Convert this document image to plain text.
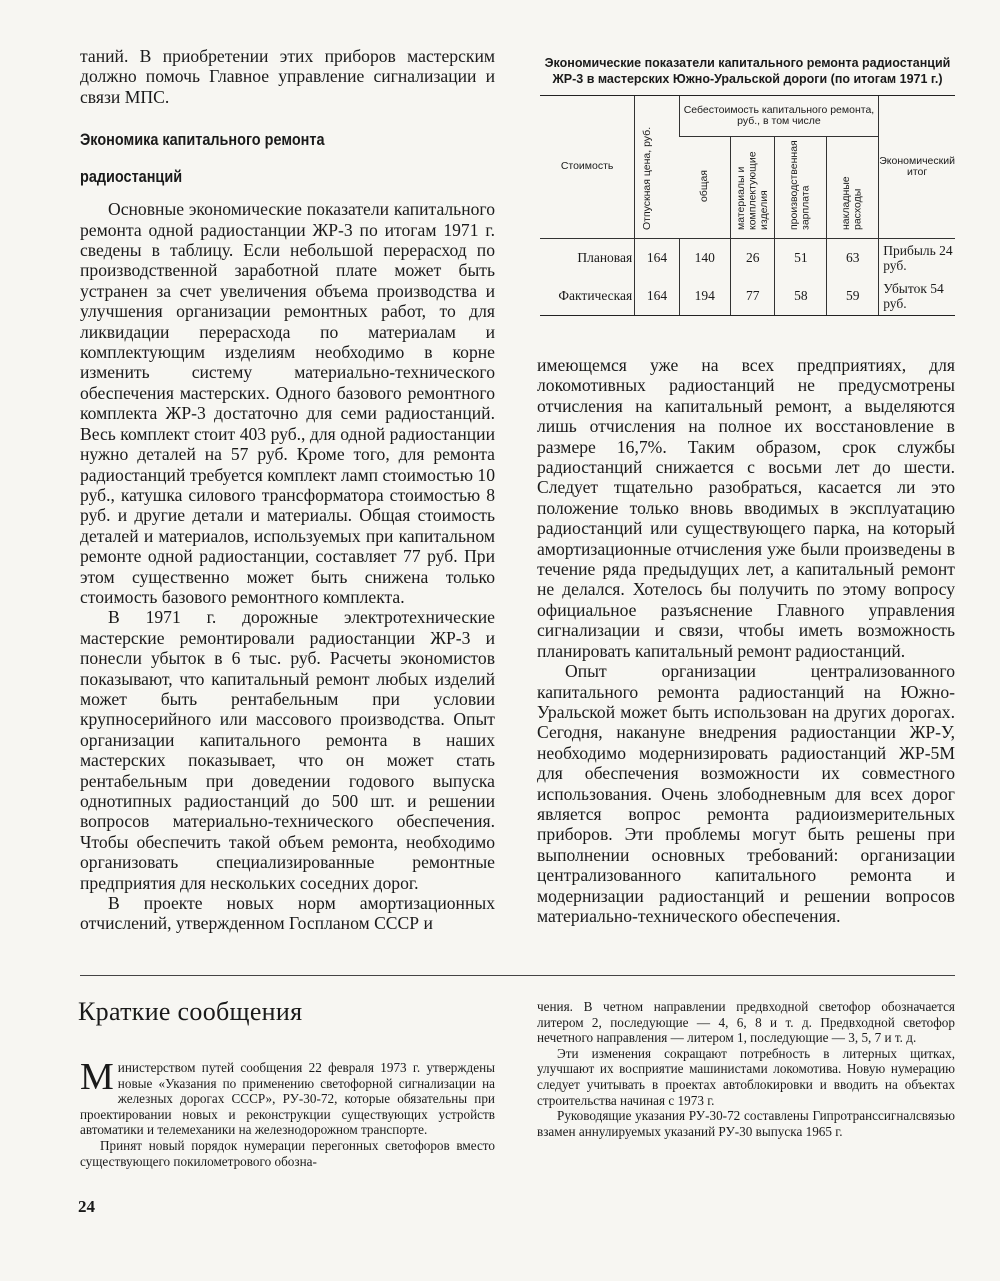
таний. В приобретении этих приборов мастерским должно помочь Главное управление сигнализации и связи МПС.

Экономика капитального ремонта
радиостанций

Основные экономические показатели капитального ремонта одной радиостанции ЖР-3 по итогам 1971 г. сведены в таблицу. Если небольшой перерасход по производственной заработной плате может быть устранен за счет увеличения объема производства и улучшения организации ремонтных работ, то для ликвидации перерасхода по материалам и комплектующим изделиям необходимо в корне изменить систему материально-технического обеспечения мастерских. Одного базового ремонтного комплекта ЖР-3 достаточно для семи радиостанций. Весь комплект стоит 403 руб., для одной радиостанции нужно деталей на 57 руб. Кроме того, для ремонта радиостанций требуется комплект ламп стоимостью 10 руб., катушка силового трансформатора стоимостью 8 руб. и другие детали и материалы. Общая стоимость деталей и материалов, используемых при капитальном ремонте одной радиостанции, составляет 77 руб. При этом существенно может быть снижена только стоимость базового ремонтного комплекта.

В 1971 г. дорожные электротехнические мастерские ремонтировали радиостанции ЖР-3 и понесли убыток в 6 тыс. руб. Расчеты экономистов показывают, что капитальный ремонт любых изделий может быть рентабельным при условии крупносерийного или массового производства. Опыт организации капитального ремонта в наших мастерских показывает, что он может стать рентабельным при доведении годового выпуска однотипных радиостанций до 500 шт. и решении вопросов материально-технического обеспечения. Чтобы обеспечить такой объем ремонта, необходимо организовать специализированные ремонтные предприятия для нескольких соседних дорог.

В проекте новых норм амортизационных отчислений, утвержденном Госпланом СССР и

Экономические показатели капитального ремонта радиостанций ЖР-3 в мастерских Южно-Уральской дороги (по итогам 1971 г.)
Стоимость	Отпускная цена, руб.	Себестоимость капитального ремонта, руб., в том числе				Экономический итог
		общая	материалы и комплектующие изделия	производственная зарплата	накладные расходы	
Плановая	164	140	26	51	63	Прибыль 24 руб.
Фактическая	164	194	77	58	59	Убыток 54 руб.

имеющемся уже на всех предприятиях, для локомотивных радиостанций не предусмотрены отчисления на капитальный ремонт, а выделяются лишь отчисления на полное их восстановление в размере 16,7%. Таким образом, срок службы радиостанций снижается с восьми лет до шести. Следует тщательно разобраться, касается ли это положение только вновь вводимых в эксплуатацию радиостанций или существующего парка, на который амортизационные отчисления уже были произведены в течение ряда предыдущих лет, а капитальный ремонт не делался. Хотелось бы получить по этому вопросу официальное разъяснение Главного управления сигнализации и связи, чтобы иметь возможность планировать капитальный ремонт радиостанций.

Опыт организации централизованного капитального ремонта радиостанций на Южно-Уральской может быть использован на других дорогах. Сегодня, накануне внедрения радиостанции ЖР-У, необходимо модернизировать радиостанций ЖР-5М для обеспечения возможности их совместного использования. Очень злободневным для всех дорог является вопрос ремонта радиоизмерительных приборов. Эти проблемы могут быть решены при выполнении основных требований: организации централизованного капитального ремонта и модернизации радиостанций и решении вопросов материально-технического обеспечения.

Краткие сообщения

Министерством путей сообщения 22 февраля 1973 г. утверждены новые «Указания по применению светофорной сигнализации на железных дорогах СССР», РУ-30-72, которые обязательны при проектировании новых и реконструкции существующих устройств автоматики и телемеханики на железнодорожном транспорте.

Принят новый порядок нумерации перегонных светофоров вместо существующего покилометрового обозна-

чения. В четном направлении предвходной светофор обозначается литером 2, последующие — 4, 6, 8 и т. д. Предвходной светофор нечетного направления — литером 1, последующие — 3, 5, 7 и т. д.

Эти изменения сокращают потребность в литерных щитках, улучшают их восприятие машинистами локомотива. Новую нумерацию следует учитывать в проектах автоблокировки и вводить на объектах строительства начиная с 1973 г.

Руководящие указания РУ-30-72 составлены Гипротранссигналсвязью взамен аннулируемых указаний РУ-30 выпуска 1965 г.

24
